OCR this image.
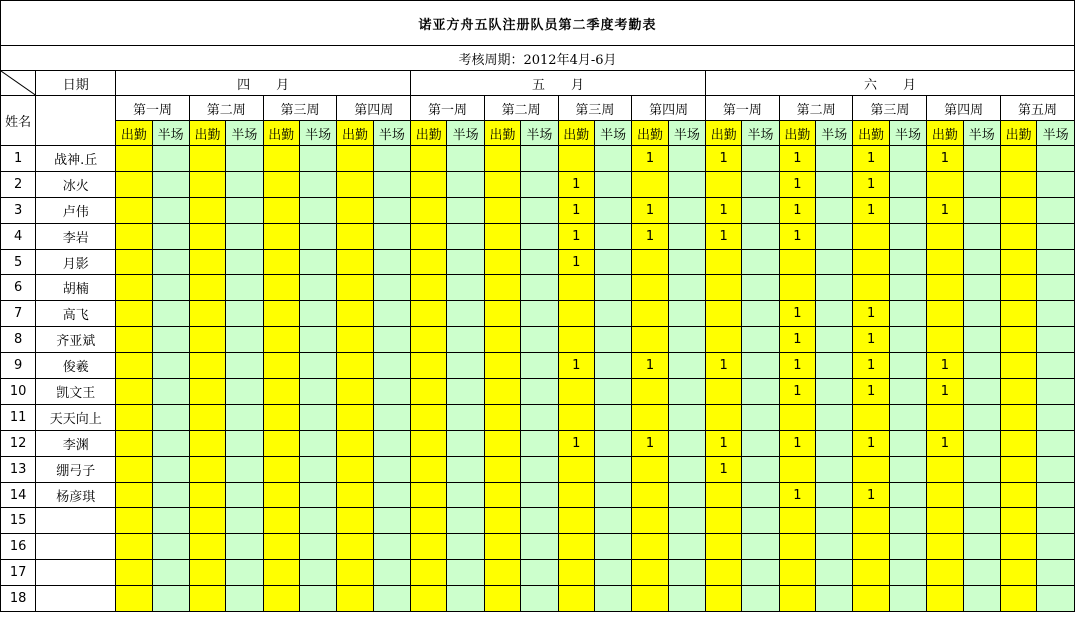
诺亚方舟五队注册队员第二季度考勤表																											
考核周期：2012年4月-6月																											

	日期	四　　月								五　　月								六　　月									
姓名		第一周		第二周		第三周		第四周		第一周		第二周		第三周		第四周		第一周		第二周		第三周		第四周		第五周	
		出勤	半场	出勤	半场	出勤	半场	出勤	半场	出勤	半场	出勤	半场	出勤	半场	出勤	半场	出勤	半场	出勤	半场	出勤	半场	出勤	半场	出勤	半场
1	战神.丘															1		1		1		1		1			
2	冰火													1						1		1					
3	卢伟													1		1		1		1		1		1			
4	李岩													1		1		1		1							
5	月影													1													
6	胡楠																										
7	高飞																			1		1					
8	齐亚斌																			1		1					
9	俊羲													1		1		1		1		1		1			
10	凯文王																			1		1		1			
11	天天向上																										
12	李渊													1		1		1		1		1		1			
13	绷弓子																	1									
14	杨彦琪																			1		1					
15																											
16																											
17																											
18																											
